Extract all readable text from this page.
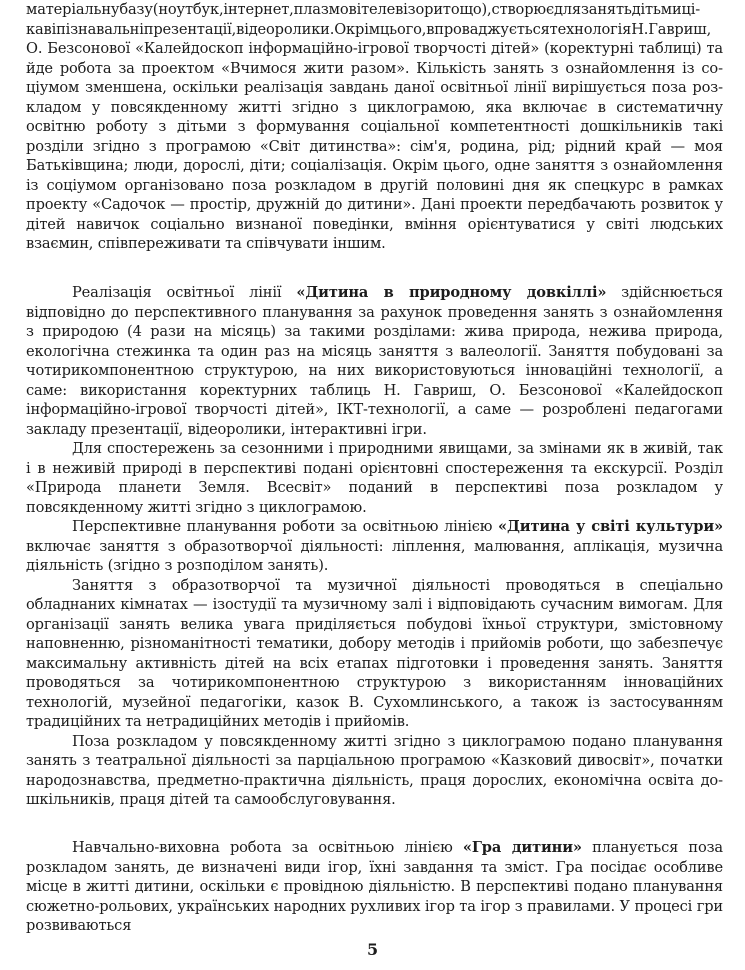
матеріальнубазу(ноутбук,інтернет,плазмовітелевізоритощо),створюєдлязанятьдітьмицікавіпізнавальніпрезентації,відеоролики.Окрімцього,впроваджуєтьсятехнологіяН.Гавриш, О. Безсонової «Калейдоскоп інформаційно-ігрової творчості дітей» (коректурні таблиці) та йде робота за проектом «Вчимося жити разом». Кількість занять з ознайомлення із соціумом зменшена, оскільки реалізація завдань даної освітньої лінії вирішується поза розкладом у повсякденному житті згідно з циклограмою, яка включає в систематичну освітню роботу з дітьми з формування соціальної компетентності дошкільників такі розділи згідно з програмою «Світ дитинства»: сім'я, родина, рід; рідний край — моя Батьківщина; люди, дорослі, діти; соціалізація. Окрім цього, одне заняття з ознайомлення із соціумом організовано поза розкладом в другій половині дня як спецкурс в рамках проекту «Садочок — простір, дружній до дитини». Дані проекти передбачають розвиток у дітей навичок соціально визнаної поведінки, вміння орієнтуватися у світі людських взаємин, співпереживати та співчувати іншим.

Реалізація освітньої лінії «Дитина в природному довкіллі» здійснюється відповідно до перспективного планування за рахунок проведення занять з ознайомлення з природою (4 рази на місяць) за такими розділами: жива природа, нежива природа, екологічна стежинка та один раз на місяць заняття з валеології. Заняття побудовані за чотирикомпонентною структурою, на них використовуються інноваційні технології, а саме: використання коректурних таблиць Н. Гавриш, О. Безсонової «Калейдоскоп інформаційно-ігрової творчості дітей», ІКТ-технології, а саме — розроблені педагогами закладу презентації, відеоролики, інтерактивні ігри.

Для спостережень за сезонними і природними явищами, за змінами як в живій, так і в неживій природі в перспективі подані орієнтовні спостереження та екскурсії. Розділ «Природа планети Земля. Всесвіт» поданий в перспективі поза розкладом у повсякденному житті згідно з циклограмою.

Перспективне планування роботи за освітньою лінією «Дитина у світі культури» включає заняття з образотворчої діяльності: ліплення, малювання, аплікація, музична діяльність (згідно з розподілом занять).

Заняття з образотворчої та музичної діяльності проводяться в спеціально обладнаних кімнатах — ізостудії та музичному залі і відповідають сучасним вимогам. Для організації занять велика увага приділяється побудові їхньої структури, змістовному наповненню, різноманітності тематики, добору методів і прийомів роботи, що забезпечує максимальну активність дітей на всіх етапах підготовки і проведення занять. Заняття проводяться за чотирикомпонентною структурою з використанням інноваційних технологій, музейної педагогіки, казок В. Сухомлинського, а також із застосуванням традиційних та нетрадиційних методів і прийомів.

Поза розкладом у повсякденному житті згідно з циклограмою подано планування занять з театральної діяльності за парціальною програмою «Казковий дивосвіт», початки народознавства, предметно-практична діяльність, праця дорослих, економічна освіта дошкільників, праця дітей та самообслуговування.

Навчально-виховна робота за освітньою лінією «Гра дитини» планується поза розкладом занять, де визначені види ігор, їхні завдання та зміст. Гра посідає особливе місце в житті дитини, оскільки є провідною діяльністю. В перспективі подано планування сюжетно-рольових, українських народних рухливих ігор та ігор з правилами. У процесі гри розвиваються

5
